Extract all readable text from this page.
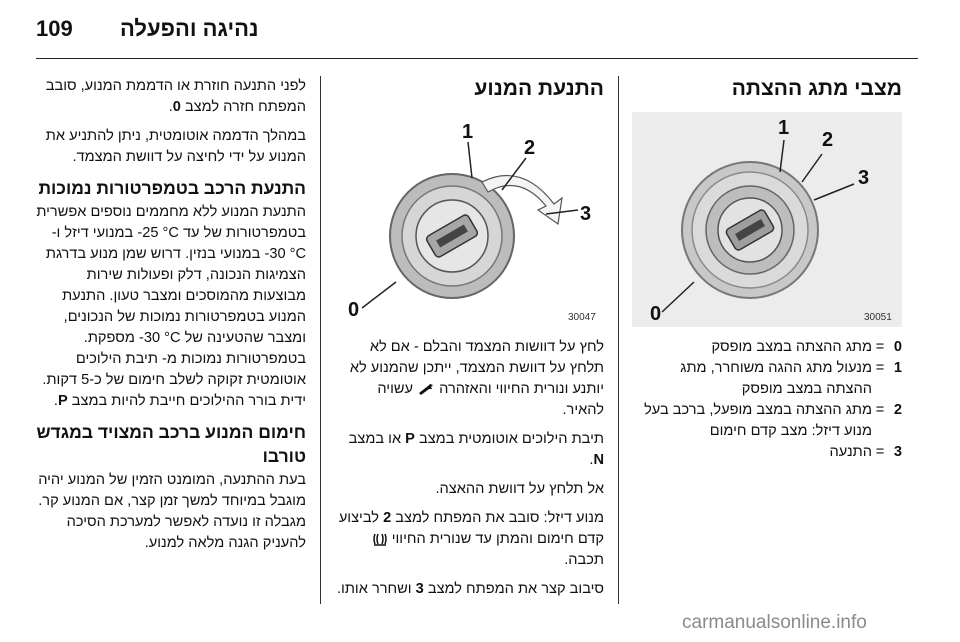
109 נהיגה והפעלה
מצבי מתג ההצתה
0
1
2
3
30051
0
=
מתג ההצתה במצב מופסק
1
=
מנעול מתג ההגה משוחרר, מתג ההצתה במצב מופסק
2
=
מתג ההצתה במצב מופעל, ברכב בעל מנוע דיזל: מצב קדם חימום
3
=
התנעה
התנעת המנוע
0
1
2
3
30047

לחץ על דוושות המצמד והבלם - אם לא תלחץ על דוושת המצמד, ייתכן שהמנוע לא יותנע ונורית החיווי והאזהרה  עשויה להאיר.

תיבת הילוכים אוטומטית במצב P או במצב N.

אל תלחץ על דוושת ההאצה.

מנוע דיזל: סובב את המפתח למצב 2 לביצוע קדם חימום והמתן עד שנורית החיווי  תכבה.

סיבוב קצר את המפתח למצב 3 ושחרר אותו.

לפני התנעה חוזרת או הדממת המנוע, סובב המפתח חזרה למצב 0.

במהלך הדממה אוטומטית, ניתן להתניע את המנוע על ידי לחיצה על דוושת המצמד.

התנעת הרכב בטמפרטורות נמוכות

התנעת המנוע ללא מחממים נוספים אפשרית בטמפרטורות של עד ‎-25 °C‎ במנועי דיזל ו- ‎-30 °C‎ במנועי בנזין. דרוש שמן מנוע בדרגת הצמיגות הנכונה, דלק ופעולות שירות מבוצעות מהמוסכים ומצבר טעון. התנעת המנוע בטמפרטורות נמוכות של הנכונים, ומצבר שהטעינה של ‎-30 °C‎ מספקת. בטמפרטורות נמוכות מ- תיבת הילוכים אוטומטית זקוקה לשלב חימום של כ-5 דקות. ידית בורר ההילוכים חייבת להיות במצב P.

חימום המנוע ברכב המצויד במגדש טורבו

בעת ההתנעה, המומנט הזמין של המנוע יהיה מוגבל במיוחד למשך זמן קצר, אם המנוע קר. מגבלה זו נועדה לאפשר למערכת הסיכה להעניק הגנה מלאה למנוע.

carmanualsonline.info
